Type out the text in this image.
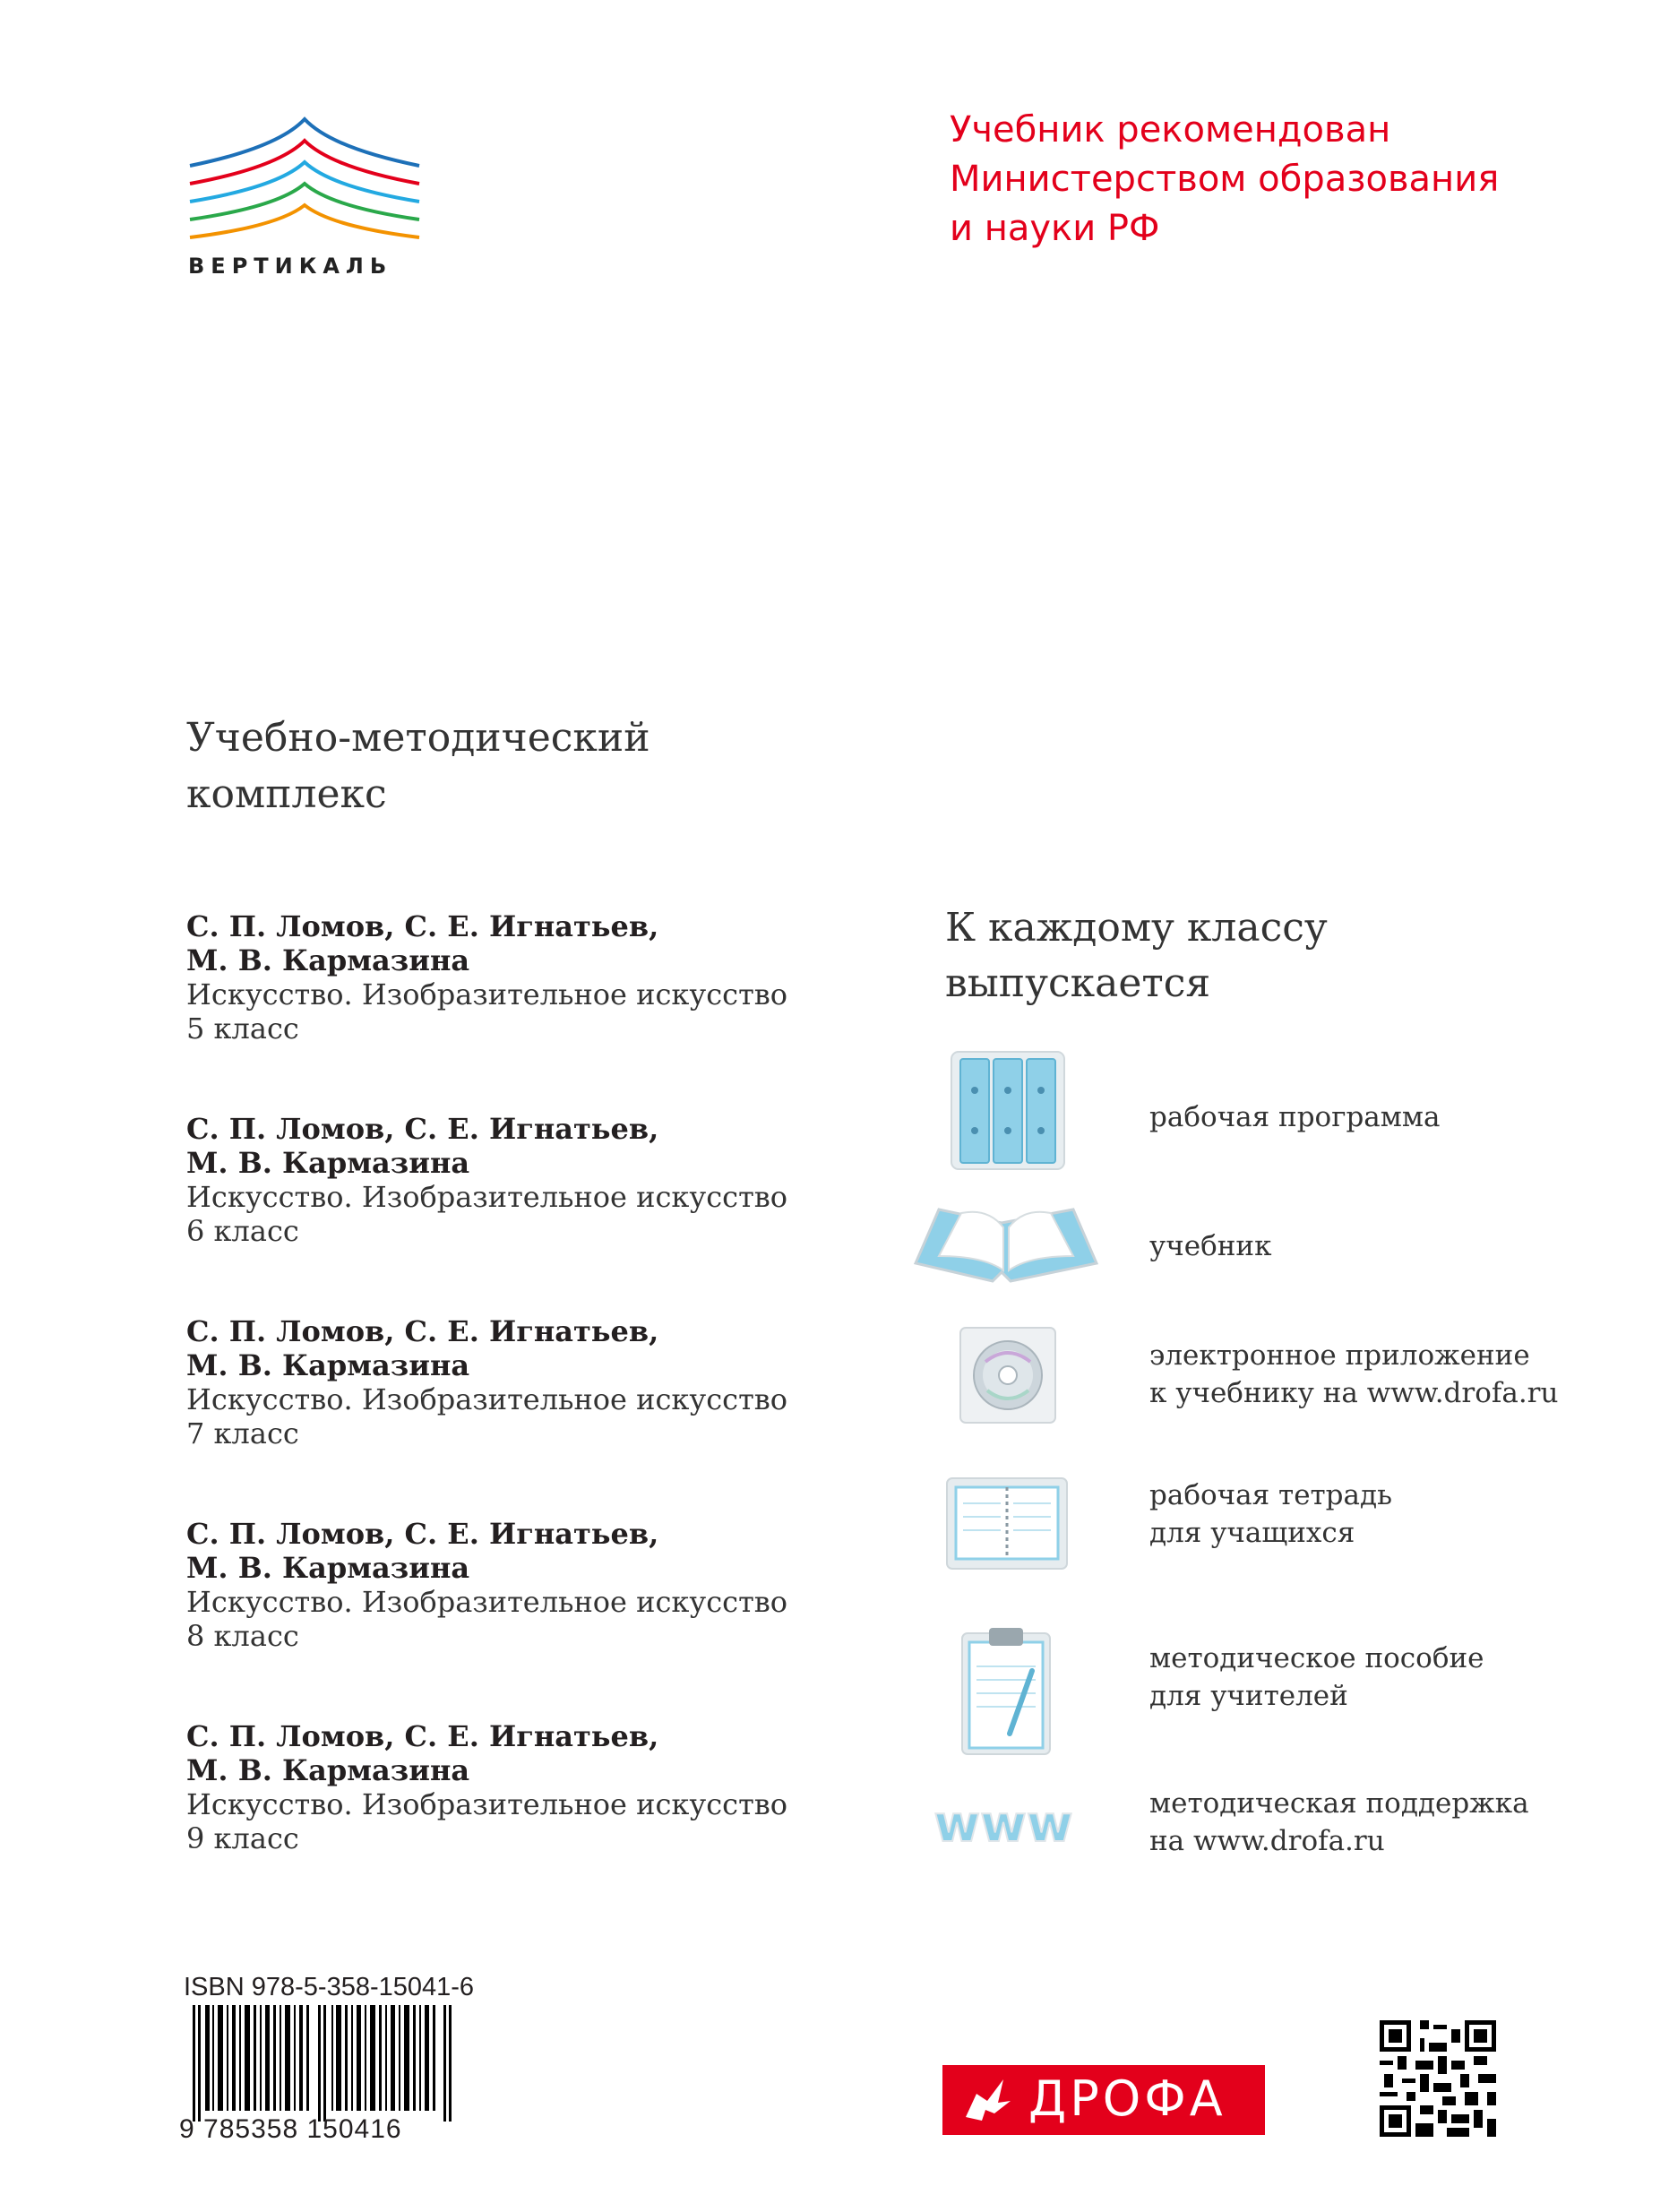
ВЕРТИКАЛЬ
Учебник рекомендован
Министерством образования
и науки РФ
Учебно-методический
комплекс
С. П. Ломов, С. Е. Игнатьев,
М. В. Кармазина
Искусство. Изобразительное искусство
5 класс
С. П. Ломов, С. Е. Игнатьев,
М. В. Кармазина
Искусство. Изобразительное искусство
6 класс
С. П. Ломов, С. Е. Игнатьев,
М. В. Кармазина
Искусство. Изобразительное искусство
7 класс
С. П. Ломов, С. Е. Игнатьев,
М. В. Кармазина
Искусство. Изобразительное искусство
8 класс
С. П. Ломов, С. Е. Игнатьев,
М. В. Кармазина
Искусство. Изобразительное искусство
9 класс
К каждому классу
выпускается
www
рабочая программа
учебник
электронное приложение
к учебнику на www.drofa.ru
рабочая тетрадь
для учащихся
методическое пособие
для учителей
методическая поддержка
на www.drofa.ru
ISBN 978-5-358-15041-6
9 785358 150416
ДРОФА
